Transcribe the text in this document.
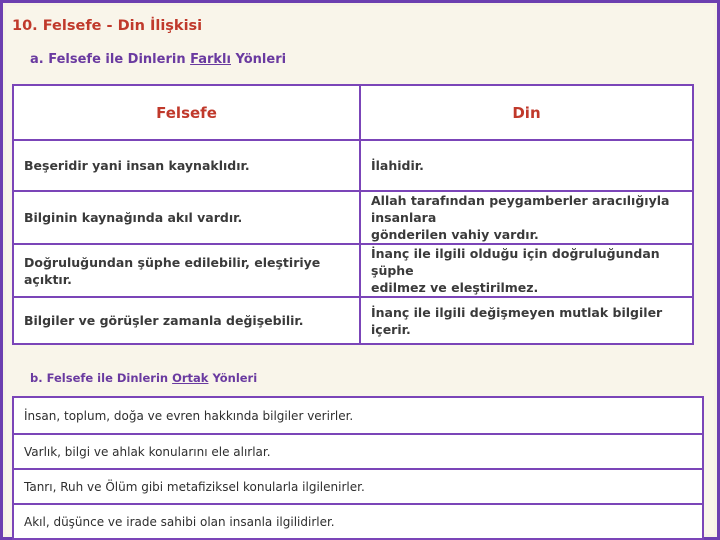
10. Felsefe - Din İlişkisi
a. Felsefe ile Dinlerin Farklı Yönleri
Felsefe	Din

Beşeridir yani insan kaynaklıdır.	İlahidir.

Bilginin kaynağında akıl vardır.	Allah tarafından peygamberler aracılığıyla insanlara
gönderilen vahiy vardır.

Doğruluğundan şüphe edilebilir, eleştiriye açıktır.	İnanç ile ilgili olduğu için doğruluğundan şüphe
edilmez ve eleştirilmez.

Bilgiler ve görüşler zamanla değişebilir.	İnanç ile ilgili değişmeyen mutlak bilgiler içerir.
b. Felsefe ile Dinlerin Ortak Yönleri
İnsan, toplum, doğa ve evren hakkında bilgiler verirler.
Varlık, bilgi ve ahlak konularını ele alırlar.
Tanrı, Ruh ve Ölüm gibi metafiziksel konularla ilgilenirler.
Akıl, düşünce ve irade sahibi olan insanla ilgilidirler.
